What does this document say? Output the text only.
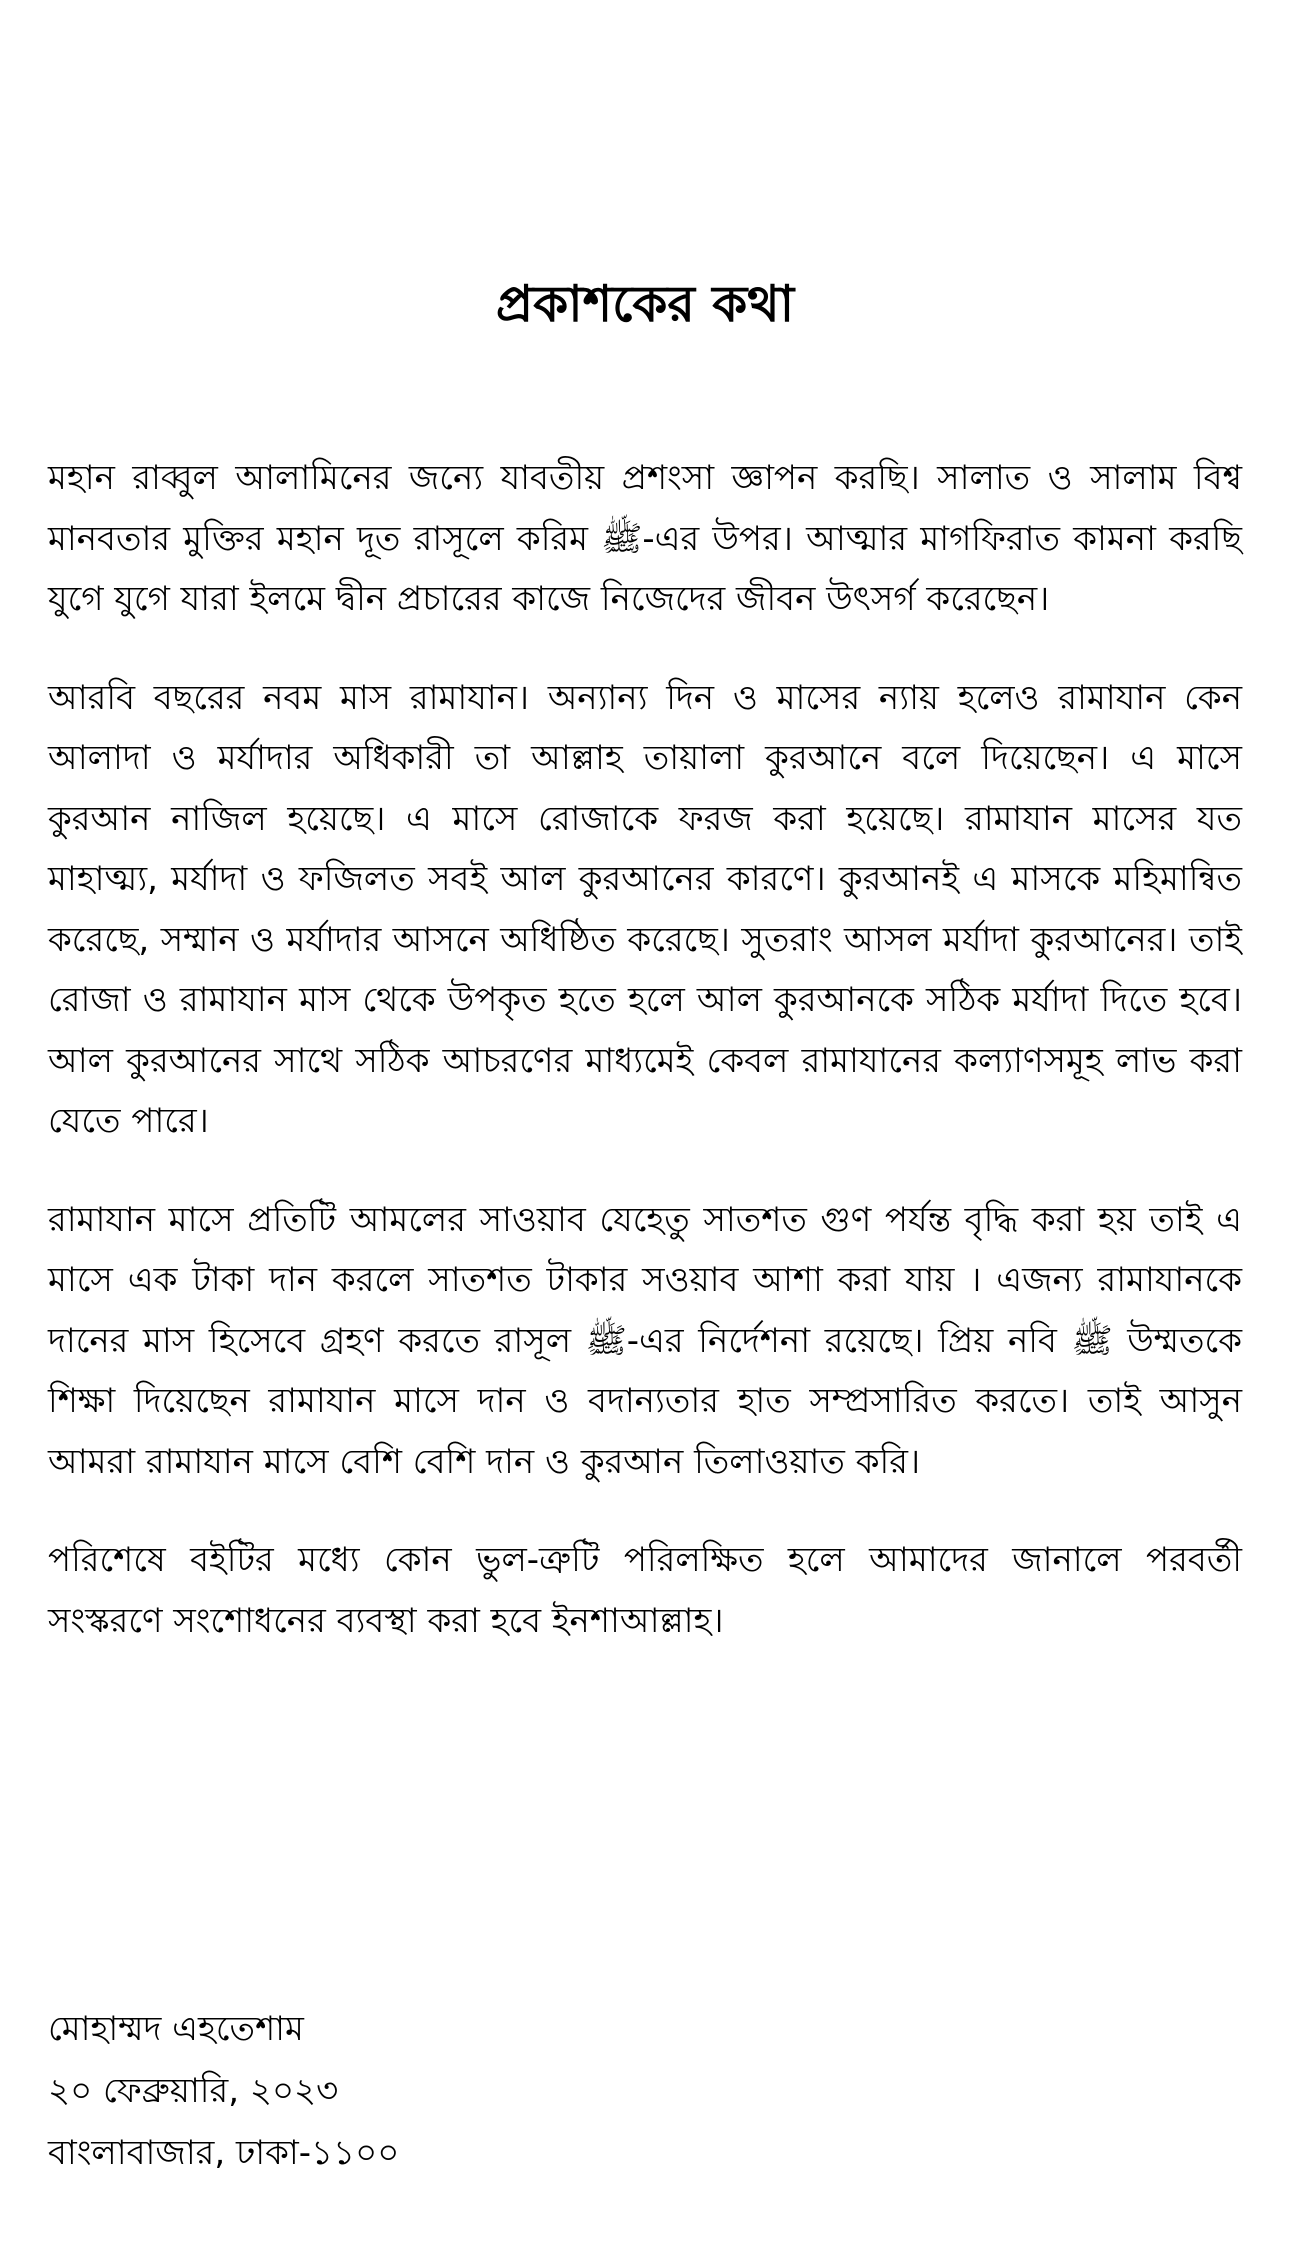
প্রকাশকের কথা

মহান রাব্বুল আলামিনের জন্যে যাবতীয় প্রশংসা জ্ঞাপন করছি। সালাত ও সালাম বিশ্ব মানবতার মুক্তির মহান দূত রাসূলে করিম ﷺ-এর উপর। আত্মার মাগফিরাত কামনা করছি যুগে যুগে যারা ইলমে দ্বীন প্রচারের কাজে নিজেদের জীবন উৎসর্গ করেছেন।

আরবি বছরের নবম মাস রামাযান। অন্যান্য দিন ও মাসের ন্যায় হলেও রামাযান কেন আলাদা ও মর্যাদার অধিকারী তা আল্লাহ তায়ালা কুরআনে বলে দিয়েছেন। এ মাসে কুরআন নাজিল হয়েছে। এ মাসে রোজাকে ফরজ করা হয়েছে। রামাযান মাসের যত মাহাত্ম্য, মর্যাদা ও ফজিলত সবই আল কুরআনের কারণে। কুরআনই এ মাসকে মহিমান্বিত করেছে, সম্মান ও মর্যাদার আসনে অধিষ্ঠিত করেছে। সুতরাং আসল মর্যাদা কুরআনের। তাই রোজা ও রামাযান মাস থেকে উপকৃত হতে হলে আল কুরআনকে সঠিক মর্যাদা দিতে হবে। আল কুরআনের সাথে সঠিক আচরণের মাধ্যমেই কেবল রামাযানের কল্যাণসমূহ লাভ করা যেতে পারে।

রামাযান মাসে প্রতিটি আমলের সাওয়াব যেহেতু সাতশত গুণ পর্যন্ত বৃদ্ধি করা হয় তাই এ মাসে এক টাকা দান করলে সাতশত টাকার সওয়াব আশা করা যায় । এজন্য রামাযানকে দানের মাস হিসেবে গ্রহণ করতে রাসূল ﷺ-এর নির্দেশনা রয়েছে। প্রিয় নবি ﷺ উম্মতকে শিক্ষা দিয়েছেন রামাযান মাসে দান ও বদান্যতার হাত সম্প্রসারিত করতে। তাই আসুন আমরা রামাযান মাসে বেশি বেশি দান ও কুরআন তিলাওয়াত করি।

পরিশেষে বইটির মধ্যে কোন ভুল-ত্রুটি পরিলক্ষিত হলে আমাদের জানালে পরবর্তী সংস্করণে সংশোধনের ব্যবস্থা করা হবে ইনশাআল্লাহ।

মোহাম্মদ এহতেশাম

২০ ফেব্রুয়ারি, ২০২৩

বাংলাবাজার, ঢাকা-১১০০
